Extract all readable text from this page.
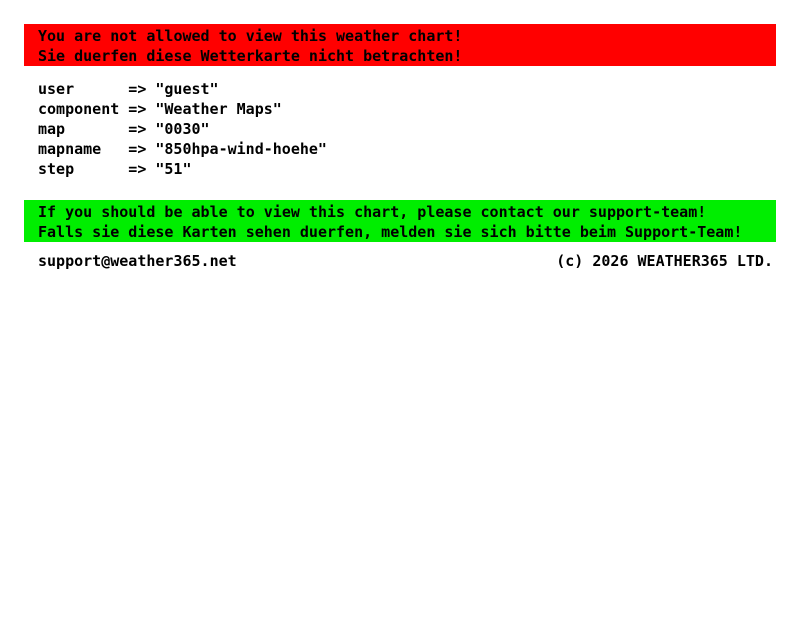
You are not allowed to view this weather chart!
Sie duerfen diese Wetterkarte nicht betrachten!
user	=> "guest"
component => "Weather Maps"
map	=> "0030"
mapname => "850hpa-wind-hoehe"
step	=> "51"
If you should be able to view this chart, please contact our support-team!
Falls sie diese Karten sehen duerfen, melden sie sich bitte beim Support-Team!
support@weather365.net	(c) 2026 WEATHER365 LTD.
